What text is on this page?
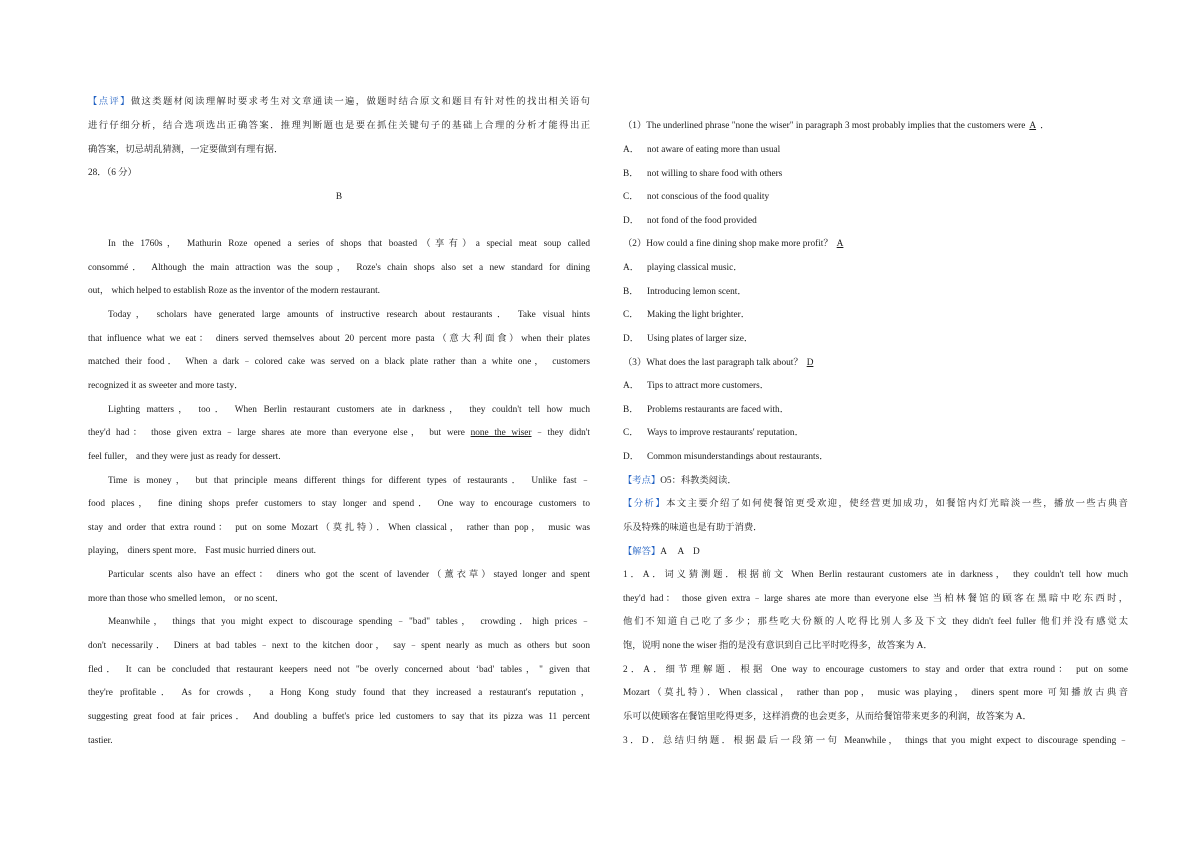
【点评】做这类题材阅读理解时要求考生对文章通读一遍，做题时结合原文和题目有针对性的找出相关语句
进行仔细分析，结合选项选出正确答案．推理判断题也是要在抓住关键句子的基础上合理的分析才能得出正
确答案，切忌胡乱猜测，一定要做到有理有据．
28．（6 分）
B
In the 1760s， Mathurin Roze opened a series of shops that boasted（享有）a special meat soup called
consommé． Although the main attraction was the soup， Roze's chain shops also set a new standard for dining
out， which helped to establish Roze as the inventor of the modern restaurant.
Today， scholars have generated large amounts of instructive research about restaurants． Take visual hints
that influence what we eat： diners served themselves about 20 percent more pasta（意大利面食）when their plates
matched their food． When a dark﹣colored cake was served on a black plate rather than a white one， customers
recognized it as sweeter and more tasty．
Lighting matters， too． When Berlin restaurant customers ate in darkness， they couldn't tell how much
they'd had： those given extra﹣large shares ate more than everyone else， but were none the wiser﹣they didn't
feel fuller， and they were just as ready for dessert.
Time is money， but that principle means different things for different types of restaurants． Unlike fast﹣
food places， fine dining shops prefer customers to stay longer and spend． One way to encourage customers to
stay and order that extra round： put on some Mozart（莫扎特）．When classical， rather than pop， music was
playing， diners spent more． Fast music hurried diners out.
Particular scents also have an effect： diners who got the scent of lavender（薰衣草）stayed longer and spent
more than those who smelled lemon， or no scent．
Meanwhile， things that you might expect to discourage spending﹣"bad" tables， crowding．high prices﹣
don't necessarily． Diners at bad tables﹣next to the kitchen door， say﹣spent nearly as much as others but soon
fled． It can be concluded that restaurant keepers need not "be overly concerned about ‘bad' tables，" given that
they're profitable． As for crowds， a Hong Kong study found that they increased a restaurant's reputation，
suggesting great food at fair prices． And doubling a buffet's price led customers to say that its pizza was 11 percent
tastier.
（1）The underlined phrase "none the wiser" in paragraph 3 most probably implies that the customers were A ．
A． not aware of eating more than usual
B． not willing to share food with others
C． not conscious of the food quality
D． not fond of the food provided
（2）How could a fine dining shop make more profit？ A
A． playing classical music．
B． Introducing lemon scent．
C． Making the light brighter．
D． Using plates of larger size．
（3）What does the last paragraph talk about？ D
A． Tips to attract more customers．
B． Problems restaurants are faced with．
C． Ways to improve restaurants' reputation．
D． Common misunderstandings about restaurants．
【考点】O5：科教类阅读．
【分析】本文主要介绍了如何使餐馆更受欢迎，使经营更加成功，如餐馆内灯光暗淡一些，播放一些古典音
乐及特殊的味道也是有助于消费．
【解答】A　 A　D
1．A．词义猜测题．根据前文 When Berlin restaurant customers ate in darkness， they couldn't tell how much
they'd had： those given extra﹣large shares ate more than everyone else 当柏林餐馆的顾客在黑暗中吃东西时，
他们不知道自己吃了多少；那些吃大份额的人吃得比别人多及下文 they didn't feel fuller 他们并没有感觉太
饱，说明 none the wiser 指的是没有意识到自己比平时吃得多，故答案为 A．
2．A．细节理解题．根据 One way to encourage customers to stay and order that extra round： put on some
Mozart（莫扎特）．When classical， rather than pop， music was playing， diners spent more 可知播放古典音
乐可以使顾客在餐馆里吃得更多，这样消费的也会更多，从而给餐馆带来更多的利润，故答案为 A．
3．D．总结归纳题．根据最后一段第一句 Meanwhile， things that you might expect to discourage spending﹣
